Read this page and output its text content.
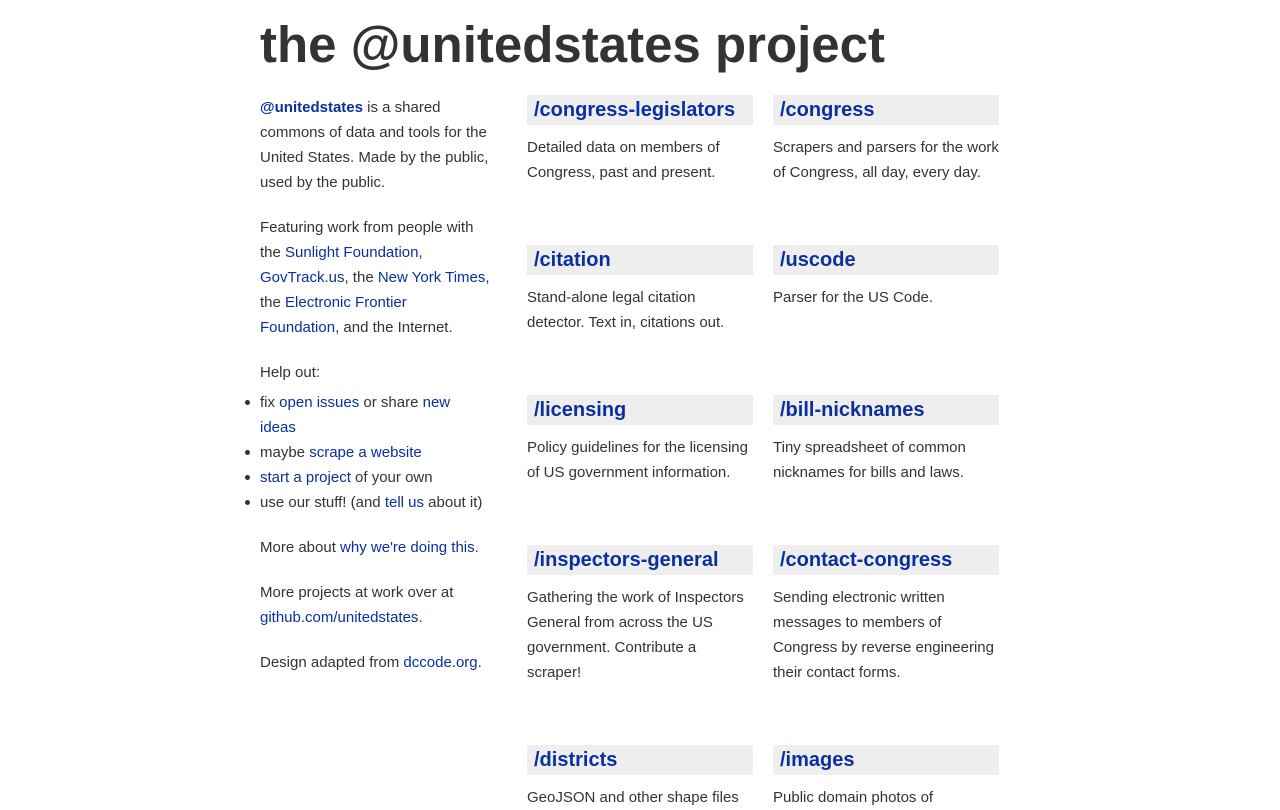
the @unitedstates project

@unitedstates is a shared commons of data and tools for the United States. Made by the public, used by the public.

Featuring work from people with the Sunlight Foundation, GovTrack.us, the New York Times, the Electronic Frontier Foundation, and the Internet.

Help out:

fix open issues or share new ideas
maybe scrape a website
start a project of your own
use our stuff! (and tell us about it)

More about why we're doing this.

More projects at work over at github.com/unitedstates.

Design adapted from dccode.org.

/congress-legislators

Detailed data on members of Congress, past and present.

/congress

Scrapers and parsers for the work of Congress, all day, every day.

/citation

Stand-alone legal citation detector. Text in, citations out.

/uscode

Parser for the US Code.

/licensing

Policy guidelines for the licensing of US government information.

/bill-nicknames

Tiny spreadsheet of common nicknames for bills and laws.

/inspectors-general

Gathering the work of Inspectors General from across the US government. Contribute a scraper!

/contact-congress

Sending electronic written messages to members of Congress by reverse engineering their contact forms.

/districts

GeoJSON and other shape files

/images

Public domain photos of
